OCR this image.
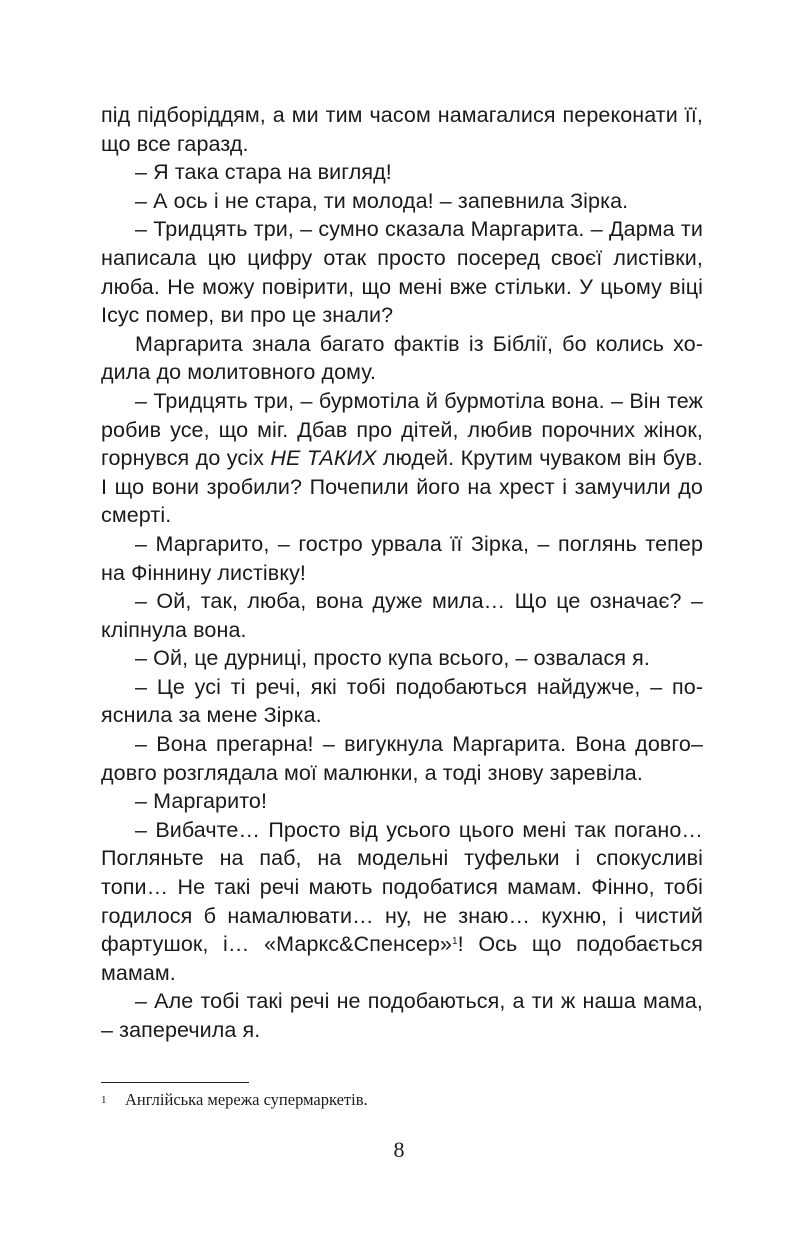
під підборіддям, а ми тим часом намагалися переконати її, що все гаразд.

– Я така стара на вигляд!

– А ось і не стара, ти молода! – запевнила Зірка.

– Тридцять три, – сумно сказала Маргарита. – Дарма ти написала цю цифру отак просто посеред своєї листівки, люба. Не можу повірити, що мені вже стільки. У цьому віці Ісус помер, ви про це знали?

Маргарита знала багато фактів із Біблії, бо колись ходила до молитовного дому.

– Тридцять три, – бурмотіла й бурмотіла вона. – Він теж робив усе, що міг. Дбав про дітей, любив порочних жінок, горнувся до усіх НЕ ТАКИХ людей. Крутим чуваком він був. І що вони зробили? Почепили його на хрест і замучили до смерті.

– Маргарито, – гостро урвала її Зірка, – поглянь тепер на Фіннину листівку!

– Ой, так, люба, вона дуже мила… Що це означає? – кліпнула вона.

– Ой, це дурниці, просто купа всього, – озвалася я.

– Це усі ті речі, які тобі подобаються найдужче, – пояснила за мене Зірка.

– Вона прегарна! – вигукнула Маргарита. Вона довго–довго розглядала мої малюнки, а тоді знову заревіла.

– Маргарито!

– Вибачте… Просто від усього цього мені так погано… Погляньте на паб, на модельні туфельки і спокусливі топи… Не такі речі мають подобатися мамам. Фінно, тобі годилося б намалювати… ну, не знаю… кухню, і чистий фартушок, і… «Маркс&Спенсер»$^1$! Ось що подобається мамам.

– Але тобі такі речі не подобаються, а ти ж наша мама, – заперечила я.

1 Англійська мережа супермаркетів.
8
